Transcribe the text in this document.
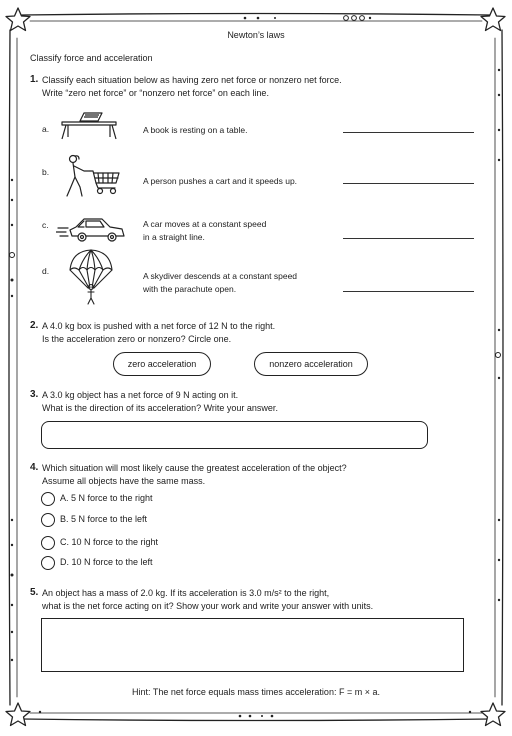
Newton’s laws
Classify force and acceleration
1. Classify each situation below as having zero net force or nonzero net force.
Write “zero net force” or “nonzero net force” on each line.
a.	A book is resting on a table.
b.
A person pushes a cart and it speeds up.
c.	A car moves at a constant speed
in a straight line.
d.	A skydiver descends at a constant speed
with the parachute open.
2. A 4.0 kg box is pushed with a net force of 12 N to the right.
Is the acceleration zero or nonzero? Circle one.
zero acceleration	nonzero acceleration
3. A 3.0 kg object has a net force of 9 N acting on it.
What is the direction of its acceleration? Write your answer.
4. Which situation will most likely cause the greatest acceleration of the object?
Assume all objects have the same mass.
A. 5 N force to the right
B. 5 N force to the left
C. 10 N force to the right
D. 10 N force to the left
5. An object has a mass of 2.0 kg. If its acceleration is 3.0 m/s² to the right,
what is the net force acting on it? Show your work and write your answer with units.
Hint: The net force equals mass times acceleration: F = m × a.
